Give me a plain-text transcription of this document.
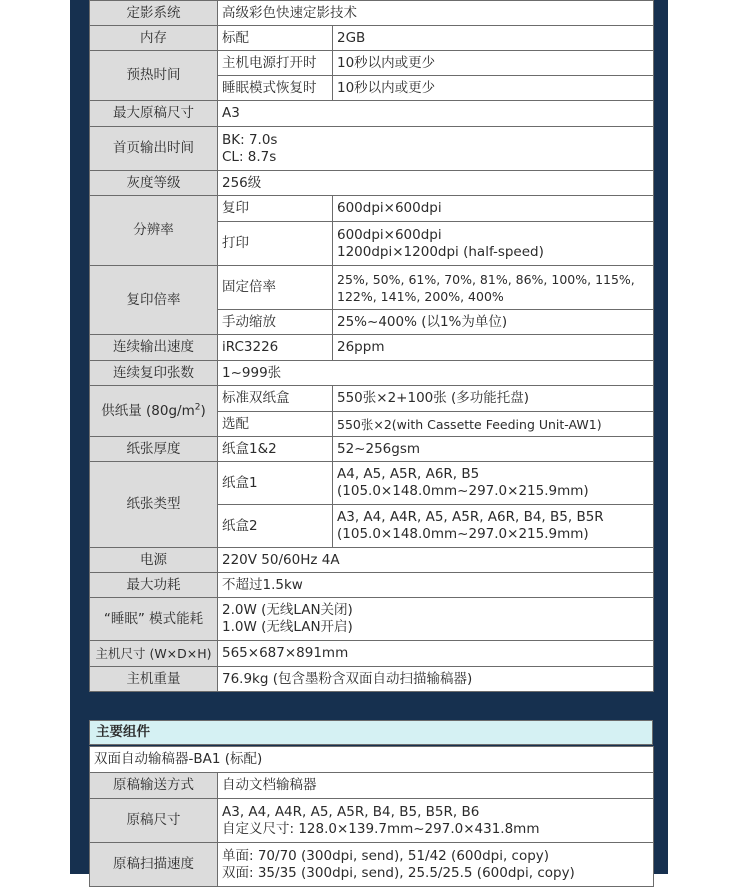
定影系统	高级彩色快速定影技术	
内存	标配	2GB
预热时间	主机电源打开时	10秒以内或更少
	睡眠模式恢复时	10秒以内或更少
最大原稿尺寸	A3	
首页输出时间	BK: 7.0s
CL: 8.7s	
灰度等级	256级	
分辨率	复印	600dpi×600dpi
	打印	600dpi×600dpi
1200dpi×1200dpi (half-speed)
复印倍率	固定倍率	25%, 50%, 61%, 70%, 81%, 86%, 100%, 115%,
122%, 141%, 200%, 400%
	手动缩放	25%~400% (以1%为单位)
连续输出速度	iRC3226	26ppm
连续复印张数	1~999张	
供纸量 $(80g/m^2)$	标准双纸盒	550张×2+100张 (多功能托盘)
	选配	550张×2(with Cassette Feeding Unit-AW1)
纸张厚度	纸盒1&2	52~256gsm
纸张类型	纸盒1	A4, A5, A5R, A6R, B5
(105.0×148.0mm~297.0×215.9mm)
	纸盒2	A3, A4, A4R, A5, A5R, A6R, B4, B5, B5R
(105.0×148.0mm~297.0×215.9mm)
电源	220V 50/60Hz 4A	
最大功耗	不超过1.5kw	
“睡眠” 模式能耗	2.0W (无线LAN关闭)
1.0W (无线LAN开启)	
主机尺寸 (W×D×H)	565×687×891mm	
主机重量	76.9kg (包含墨粉含双面自动扫描输稿器)	
主要组件
双面自动输稿器-BA1 (标配)	
原稿输送方式	自动文档输稿器
原稿尺寸	A3, A4, A4R, A5, A5R, B4, B5, B5R, B6
自定义尺寸: 128.0×139.7mm~297.0×431.8mm
原稿扫描速度	单面: 70/70 (300dpi, send), 51/42 (600dpi, copy)
双面: 35/35 (300dpi, send), 25.5/25.5 (600dpi, copy)
